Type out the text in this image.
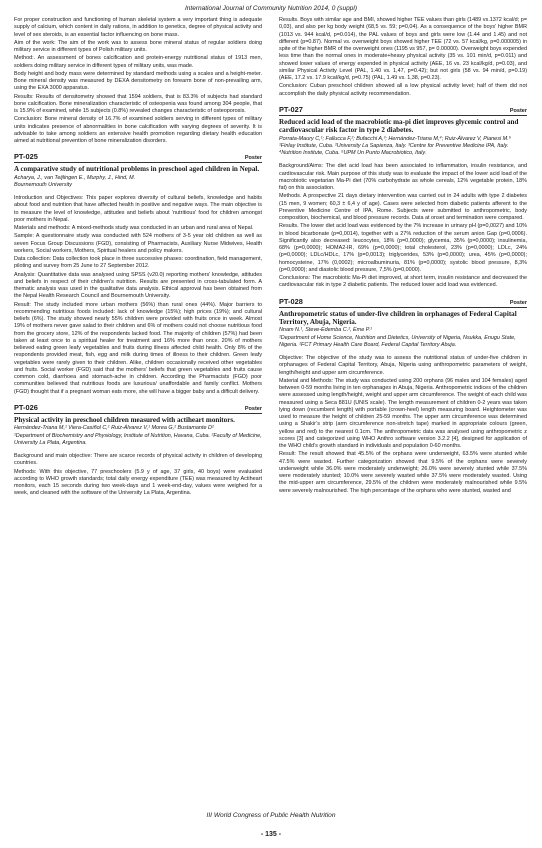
International Journal of Community Nutrition 2014, 0 (suppl)

For proper construction and functioning of human skeletal system a very important thing is adequate supply of calcium, which content in daily rations, in addition to genetics, degree of physical activity and level of sex steroids, is an essential factor influencing on bone mass.

Aim of the work: The aim of the work was to assess bone mineral status of regular soldiers doing military service in different types of Polish military units.

Method:. An assessment of bones calcification and protein-energy nutritional status of 1913 men, soldiers doing military service in different types of military units, was made.

Body height and body mass were determined by standard methods using a scales and a height-meter. Bone mineral density was measured by DEXA densitometry on forearm bone of non-prevailing arm, using the EXA 3000 apparatus.

Results: Results of densitometry showed that 1594 soldiers, that is 83.3% of subjects had standard bone calcification. Bone mineralization characteristic of osteopenia was found among 304 people, that is 15.9% of examined, while 15 subjects (0.8%) revealed changes characteristic of osteoporosis.

Conclusion: Bone mineral density of 16.7% of examined soldiers serving in different types of military units indicates presence of abnormalities in bone calcification with varying degrees of severity. It is advisable to take among soldiers an extensive health promotion regarding dietary health education aimed at nutritional prevention of bone mineralization disorders.

PT-025	Poster
A comparative study of nutritional problems in preschool aged children in Nepal.
Acharya, J., van Teijlingen E., Murphy, J., Hind, M.
Bournemouth University

Introduction and Objectives: This paper explores diversity of cultural beliefs, knowledge and habits about food and nutrition that have affected health in positive and negative ways. The main objective is to measure the level of knowledge, attitudes and beliefs about ‘nutritious’ food for children amongst poor mothers in Nepal.

Materials and methods: A mixed-methods study was conducted in an urban and rural area of Nepal.

Sample: A questionnaire study was conducted with 524 mothers of 3-5 year old children as well as seven Focus Group Discussions (FGD), consisting of Pharmacists, Auxiliary Nurse Midwives, Health workers, Social workers, Mothers, Spiritual healers and policy makers.

Data collection: Data collection took place in three successive phases: coordination, field management, piloting and survey from 25 June to 27 September 2012.

Analysis: Quantitative data was analysed using SPSS (v20.0) reporting mothers’ knowledge, attitudes and beliefs in respect of their children’s nutrition. Results are presented in cross-tabulated form. A thematic analysis was used in the qualitative data analysis. Ethical approval has been obtained from the Nepal Health Research Council and Bournemouth University.

Result: The study included more urban mothers (56%) than rural ones (44%). Major barriers to recommending nutritious foods included: lack of knowledge (15%); high prices (19%); and cultural beliefs (6%). The study showed nearly 55% children were provided with fruits once in week. Almost 19% of mothers never gave salad to their children and 6% of mothers could not choose nutritious food from the grocery store, 12% of the respondents lacked food. The majority of children (57%) had been taken at least once to a spiritual healer for treatment and 16% more than once. 20% of mothers believed eating green leafy vegetables and fruits during illness affected child health. Only 8% of the respondents provided meat, fish, egg and milk during times of illness to their children. Green leafy vegetables were rarely given to their children. Alike, children occasionally received other vegetables and fruits. Social worker (FGD) said that the mothers’ beliefs that green vegetables and fruits cause common cold, diarrhoea and stomach-ache in children. According the Pharmacists (FGD) poor communities believed that nutritious foods are luxurious/ unaffordable and family conflict. Mothers (FGD) thought that if a pregnant woman eats more, she will have a bigger baby and a difficult delivery.

PT-026	Poster
Physical activity in preschool children measured with actiheart monitors.
Hernández-Triana M,¹ Viera-Casiñol C,¹ Ruiz-Álvarez V,¹ Morea G,² Bustamante D²
¹Department of Biochemistry and Physiology, Institute of Nutrition, Havana, Cuba. ²Faculty of Medicine, University La Plata, Argentina.

Background and main objective: There are scarce records of physical activity in children of developing countries.

Methods: With this objective, 77 preschoolers (5.9 y of age, 37 girls, 40 boys) were evaluated according to WHO growth standards; total daily energy expenditure (TEE) was measured by Actiheart monitors, each 15 seconds during two week-days and 1 week-end-day, values were weighed for a week, and cleaned with the software of the University La Plata, Argentina.

Results. Boys with similar age and BMI, showed higher TEE values than girls (1489 vs.1372 kcal/d; p= 0,03), and also per kg body weight (68,5 vs. 59; p=0,04). As a consequence of the boys’ higher BMR (1013 vs. 944 kcal/d, p=0.014), the PAL values of boys and girls were low (1.44 and 1.45) and not different (p=0.87). Normal vs. overweight boys showed higher TEE (72 vs. 57 kcal/kg, p=0.000005) in spite of the higher BMR of the overweight ones (1195 vs 957, p= 0.00000). Overweight boys expended less time than the normal ones in moderate+heavy physical activity (35 vs. 101 min/d, p=0.011) and showed lower values of energy expended in physical activity (AEE, 16 vs. 23 kcal/kg/d, p=0.03), and similar Physical Activity Level (PAL, 1.40 vs. 1,47, p=0.42); but not girls (58 vs. 94 min/d, p=0.19) (AEE, 17.2 vs. 17.9 kcal/kg/d, p=0.75) (PAL, 1.49 vs. 1,38, p=0.23).

Conclusion: Cuban preschool children showed all a low physical activity level; half of them did not accomplish the daily physical activity recommendation.

PT-027	Poster
Reduced acid load of the macrobiotic ma-pi diet improves glycemic control and cardiovascular risk factor in type 2 diabetes.
Porrata-Maury C,¹; Fallucca F,²; Bufacchi A,³; Hernández-Triana M,⁴; Ruiz-Álvarez V, Pianesi M.⁵
¹Finlay Institute, Cuba. ²University La Sapienza, Italy. ³Centre for Preventive Medicine IPA, Italy. ⁴Nutrition Institute, Cuba. ⁵UPM Un Punto Macrobiotico, Italy.

Background/Aims: The diet acid load has been associated to inflammation, insulin resistance, and cardiovascular risk. Main purpose of this study was to evaluate the impact of the lower acid load of the macrobiotic vegetarian Ma-Pi diet (70% carbohydrate as whole cereals, 12% vegetable protein, 18% fat) on this association.

Methods. A prospective 21 days dietary intervention was carried out in 24 adults with type 2 diabetes (15 men, 9 women; 60,3 ± 6,4 y of age). Cases were selected from diabetic patients afferent to the Preventive Medicine Centre of IPA, Rome. Subjects were submitted to anthropometric, body composition, biochemical, and blood pressure records. Data at onset and termination were compared.

Results. The lower diet acid load was evidenced by the 7% increase in urinary pH (p=0,0027) and 10% in blood bicarbonate (p=0,0014), together with a 27% reduction of the serum anion Gap (p=0,0006). Significantly also decreased: leucocytes, 18% (p=0,0000); glycemia, 35% (p=0,0000); insulinemia, 68% (p=0,0000); HOMA2-IR, 69% (p=0,0000); total cholesterol, 23% (p=0,0000); LDLc, 24% (p=0,0000); LDLc/HDLc, 17% (p=0,0013); triglycerides, 53% (p=0,0000); urea, 45% (p=0,0000); homocysteine, 17% (0,0002); microalbuminuria, 81% (p=0,0000); systolic blood pressure, 8,3% (p=0,0000); and diastolic blood pressure, 7,5% (p=0,0000).

Conclusions: The macrobiotic Ma-Pi diet improved, at short term, insulin resistance and decreased the cardiovascular risk in type 2 diabetic patients. The reduced lower acid load was evidenced.

PT-028	Poster
Anthropometric status of under-five children in orphanages of Federal Capital Territory, Abuja, Nigeria.
Nnam N.¹, Steve-Edemba C.², Eme P.¹
¹Department of Home Science, Nutrition and Dietetics, University of Nigeria, Nsukka, Enugu State, Nigeria. ²FCT Primary Health Care Board, Federal Capital Territory Abuja.

Objective: The objective of the study was to assess the nutritional status of under-five children in orphanages of Federal Capital Territory, Abuja, Nigeria using anthropometric parameters of weight, length/height and upper arm circumference.

Material and Methods: The study was conducted using 200 orphans (96 males and 104 females) aged between 0-59 months living in ten orphanages in Abuja, Nigeria. Anthropometric indices of the children were assessed using length/height, weight and upper arm circumference. The weight of each child was measured using a Seca 881U (UNIS scale). The length measurement of children 0-2 years was taken lying down (recumbent length) with portable (crown-heel) length measuring board. Heightometer was used to measure the height of children 25-59 months. The upper arm circumference was determined using a Shakir’s strip (arm circumference non-stretch tape) marked in appropriate colours (green, yellow and red) to the nearest 0.1cm. The anthropometric data was analysed using anthropometric z scores [3] and categorized using WHO Anthro software version 3.2.2 [4], designed for application of the WHO child’s growth standard in individuals and population 0-60 months.

Result: The result showed that 45.5% of the orphans were underweight, 63.5% were stunted while 47.5% were wasted. Further categorization showed that 9.5% of the orphans were severely underweight while 36.0% were moderately underweight; 26.0% were severely stunted while 37.5% were moderately stunted; 10.0% were severely wasted while 37.5% were moderately wasted. Using the mid-upper arm circumference, 29.5% of the children were moderately malnourished while 9.5% were severely malnourished. The high percentage of the orphans who were stunted, wasted and

III World Congress of Public Health Nutrition
- 135 -
